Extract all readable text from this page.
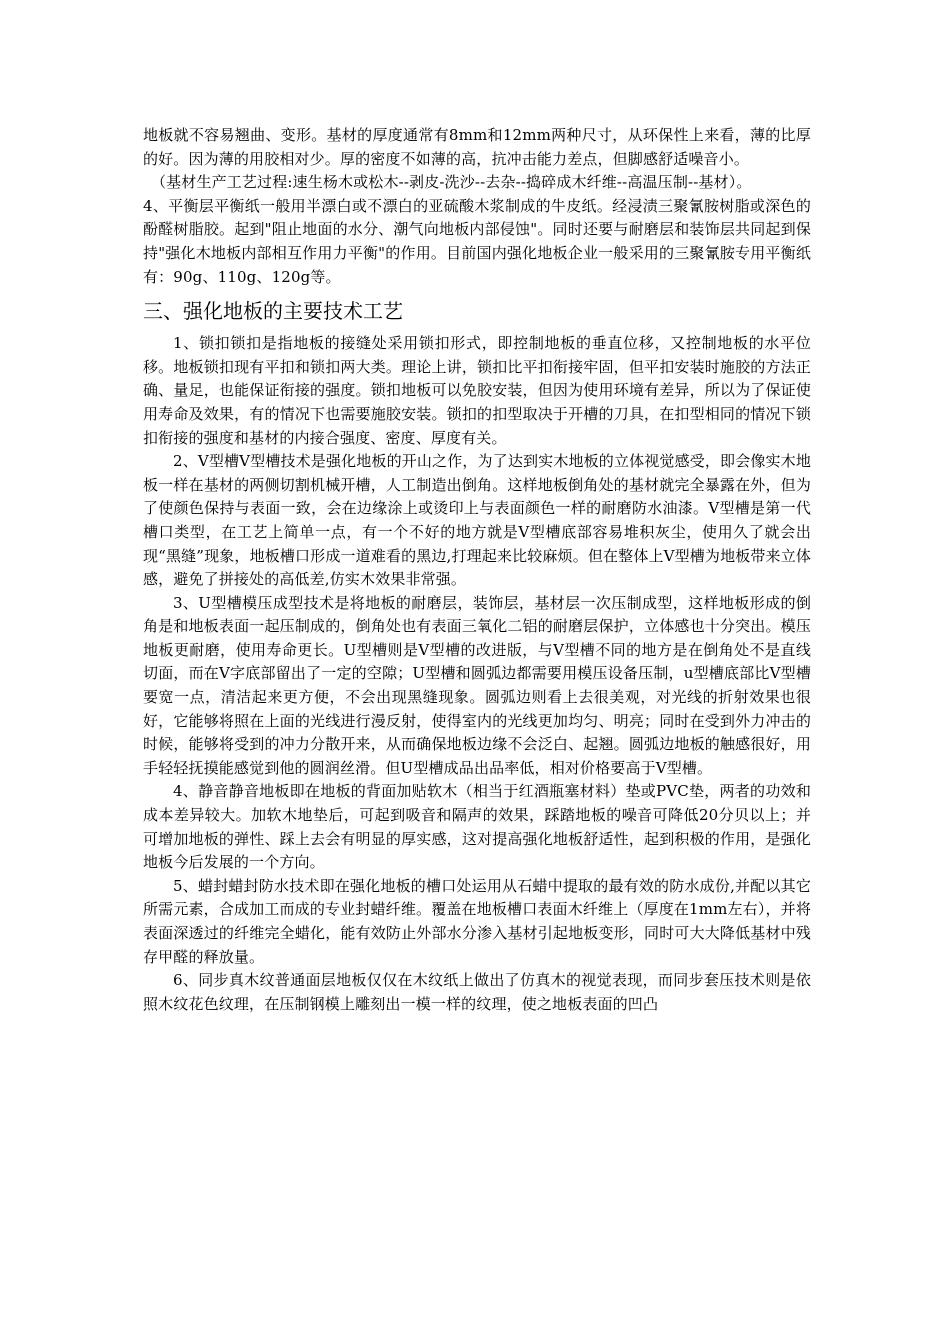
地板就不容易翘曲、变形。基材的厚度通常有8mm和12mm两种尺寸，从环保性上来看，薄的比厚的好。因为薄的用胶相对少。厚的密度不如薄的高，抗冲击能力差点，但脚感舒适噪音小。

（基材生产工艺过程:速生杨木或松木--剥皮-洗沙--去杂--捣碎成木纤维--高温压制--基材）。

4、平衡层平衡纸一般用半漂白或不漂白的亚硫酸木浆制成的牛皮纸。经浸渍三聚氰胺树脂或深色的酚醛树脂胶。起到"阻止地面的水分、潮气向地板内部侵蚀"。同时还要与耐磨层和装饰层共同起到保持"强化木地板内部相互作用力平衡"的作用。目前国内强化地板企业一般采用的三聚氰胺专用平衡纸有：90g、110g、120g等。

三、强化地板的主要技术工艺

1、锁扣锁扣是指地板的接缝处采用锁扣形式，即控制地板的垂直位移，又控制地板的水平位移。地板锁扣现有平扣和锁扣两大类。理论上讲，锁扣比平扣衔接牢固，但平扣安装时施胶的方法正确、量足，也能保证衔接的强度。锁扣地板可以免胶安装，但因为使用环境有差异，所以为了保证使用寿命及效果，有的情况下也需要施胶安装。锁扣的扣型取决于开槽的刀具，在扣型相同的情况下锁扣衔接的强度和基材的内接合强度、密度、厚度有关。

2、V型槽V型槽技术是强化地板的开山之作，为了达到实木地板的立体视觉感受，即会像实木地板一样在基材的两侧切割机械开槽，人工制造出倒角。这样地板倒角处的基材就完全暴露在外，但为了使颜色保持与表面一致，会在边缘涂上或烫印上与表面颜色一样的耐磨防水油漆。V型槽是第一代槽口类型，在工艺上简单一点，有一个不好的地方就是V型槽底部容易堆积灰尘，使用久了就会出现“黑缝”现象，地板槽口形成一道难看的黑边,打理起来比较麻烦。但在整体上V型槽为地板带来立体感，避免了拼接处的高低差,仿实木效果非常强。

3、U型槽模压成型技术是将地板的耐磨层，装饰层，基材层一次压制成型，这样地板形成的倒角是和地板表面一起压制成的，倒角处也有表面三氧化二铝的耐磨层保护，立体感也十分突出。模压地板更耐磨，使用寿命更长。U型槽则是V型槽的改进版，与V型槽不同的地方是在倒角处不是直线切面，而在V字底部留出了一定的空隙；U型槽和圆弧边都需要用模压设备压制，u型槽底部比V型槽要宽一点，清洁起来更方便，不会出现黑缝现象。圆弧边则看上去很美观，对光线的折射效果也很好，它能够将照在上面的光线进行漫反射，使得室内的光线更加均匀、明亮；同时在受到外力冲击的时候，能够将受到的冲力分散开来，从而确保地板边缘不会泛白、起翘。圆弧边地板的触感很好，用手轻轻抚摸能感觉到他的圆润丝滑。但U型槽成品出品率低，相对价格要高于V型槽。

4、静音静音地板即在地板的背面加贴软木（相当于红酒瓶塞材料）垫或PVC垫，两者的功效和成本差异较大。加软木地垫后，可起到吸音和隔声的效果，踩踏地板的噪音可降低20分贝以上；并可增加地板的弹性、踩上去会有明显的厚实感，这对提高强化地板舒适性，起到积极的作用，是强化地板今后发展的一个方向。

5、蜡封蜡封防水技术即在强化地板的槽口处运用从石蜡中提取的最有效的防水成份,并配以其它所需元素，合成加工而成的专业封蜡纤维。覆盖在地板槽口表面木纤维上（厚度在1mm左右），并将表面深透过的纤维完全蜡化，能有效防止外部水分渗入基材引起地板变形，同时可大大降低基材中残存甲醛的释放量。

6、同步真木纹普通面层地板仅仅在木纹纸上做出了仿真木的视觉表现，而同步套压技术则是依照木纹花色纹理，在压制钢模上雕刻出一模一样的纹理，使之地板表面的凹凸
